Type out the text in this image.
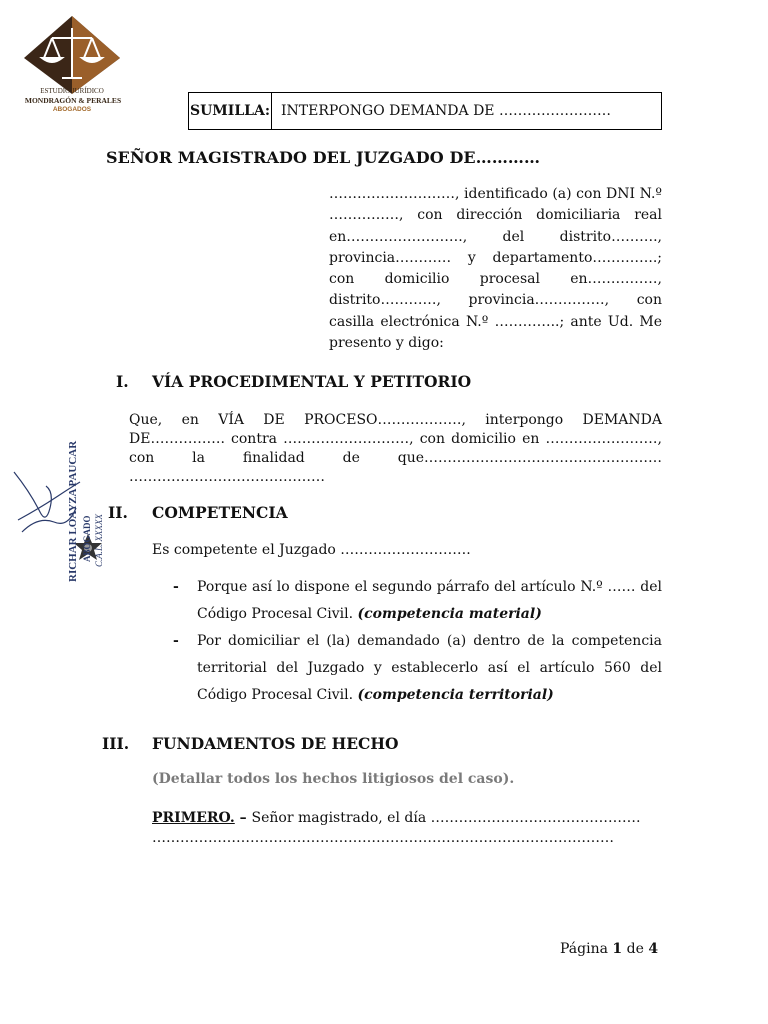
ESTUDIO JURÍDICO
MONDRAGÓN & PERALES
ABOGADOS	SUMILLA: INTERPONGO DEMANDA DE ……………………
SEÑOR MAGISTRADO DEL JUZGADO DE…………
………………………, identificado (a) con DNI N.º ……………, con dirección domiciliaria real en……………………., del distrito………., provincia………… y departamento…………..; con domicilio procesal en……………, distrito…………, provincia……………, con casilla electrónica N.º …………..; ante Ud. Me presento y digo:
I. VÍA PROCEDIMENTAL Y PETITORIO
Que, en VÍA DE PROCESO………………, interpongo DEMANDA DE……………. contra ………………………, con domicilio en ……………………, con la finalidad de que…………………………………………… ……………………………………
II. COMPETENCIA
Es competente el Juzgado ……………………….
- Porque así lo dispone el segundo párrafo del artículo N.º …… del Código Procesal Civil. (competencia material)
- Por domiciliar el (la) demandado (a) dentro de la competencia territorial del Juzgado y establecerlo así el artículo 560 del Código Procesal Civil. (competencia territorial)
III. FUNDAMENTOS DE HECHO
(Detallar todos los hechos litigiosos del caso).
PRIMERO. – Señor magistrado, el día ……………………………………… ………………………………………………………………………………………
RICHAR LOAYZA PAUCAR ABOGADO C.A.L. XXXXX
Página 1 de 4
